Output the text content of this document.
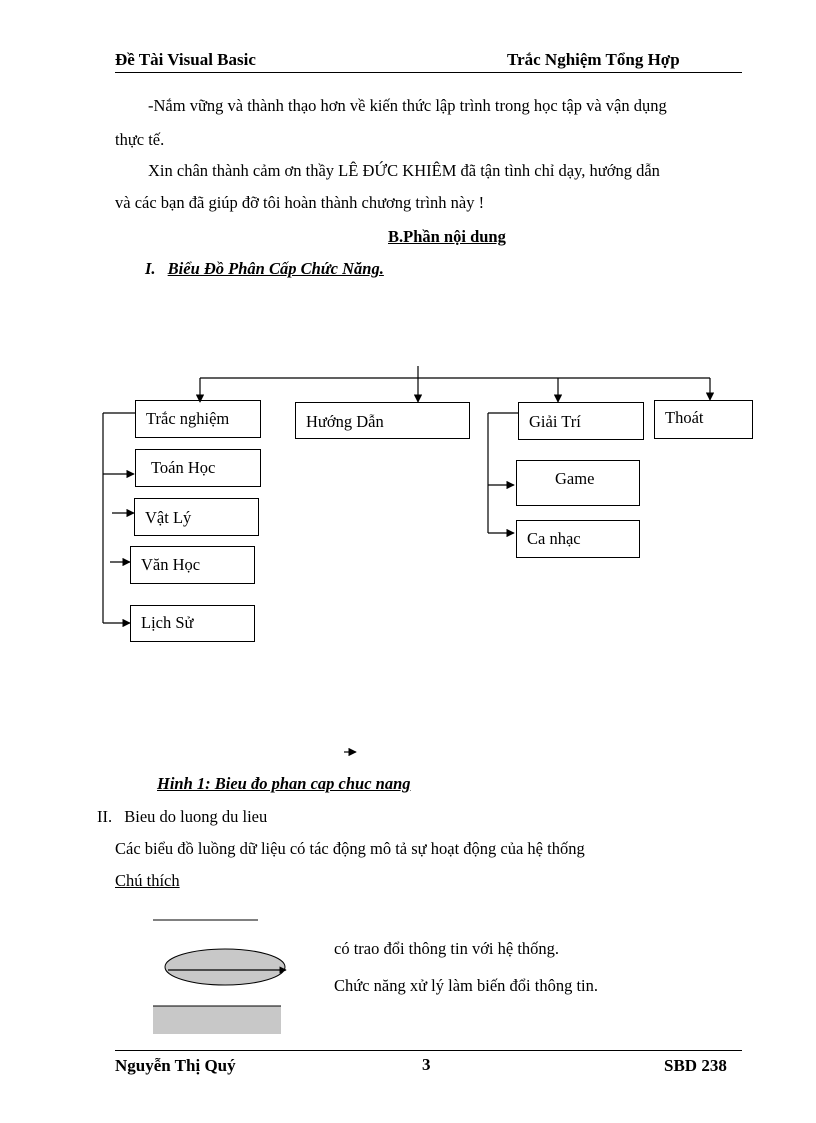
Đề Tài Visual Basic	Trắc Nghiệm Tổng Hợp
-Nắm vững và thành thạo hơn về kiến thức lập trình trong học tập và vận dụng
thực tế.
Xin chân thành cảm ơn thầy LÊ ĐỨC KHIÊM đã tận tình chỉ dạy, hướng dẫn
và các bạn đã giúp đỡ tôi hoàn thành chương trình này !
B.Phần nội dung
I. Biểu Đồ Phân Cấp Chức Năng.
Trắc nghiệm	Hướng Dẫn	Giải Trí	Thoát
Toán Học
Vật Lý
Văn Học
Lịch Sử
Game
Ca nhạc
Hinh 1: Bieu đo phan cap chuc nang
II. Bieu do luong du lieu
Các biểu đồ luồng dữ liệu có tác động mô tả sự hoạt động của hệ thống
Chú thích
có trao đổi thông tin với hệ thống.
Chức năng xử lý làm biến đổi thông tin.
Nguyễn Thị Quý	3	SBD 238
